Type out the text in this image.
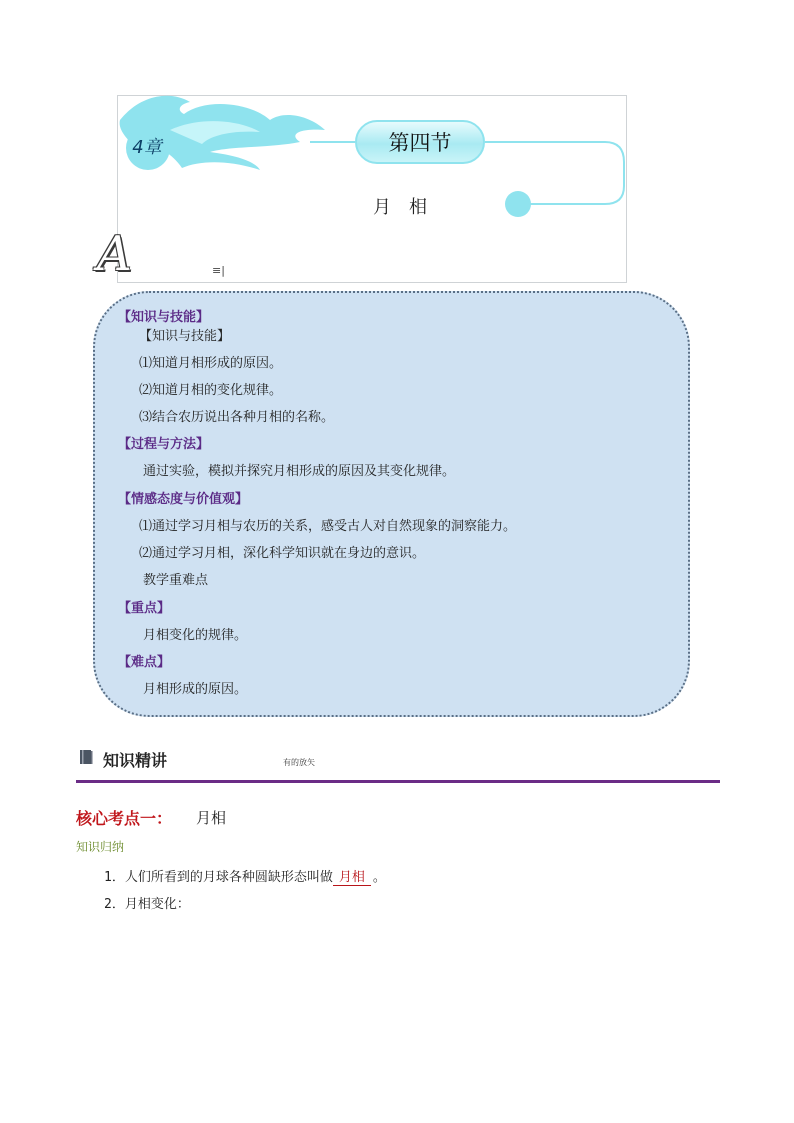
4章	第四节
月　相
A	≡|
【知识与技能】
【知识与技能】
⑴知道月相形成的原因。
⑵知道月相的变化规律。
⑶结合农历说出各种月相的名称。
【过程与方法】
通过实验，模拟并探究月相形成的原因及其变化规律。
【情感态度与价值观】
⑴通过学习月相与农历的关系，感受古人对自然现象的洞察能力。
⑵通过学习月相，深化科学知识就在身边的意识。
教学重难点
【重点】
月相变化的规律。
【难点】
月相形成的原因。
知识精讲	有的放矢
核心考点一： 月相
知识归纳
1．人们所看到的月球各种圆缺形态叫做 月相 。
2．月相变化：
